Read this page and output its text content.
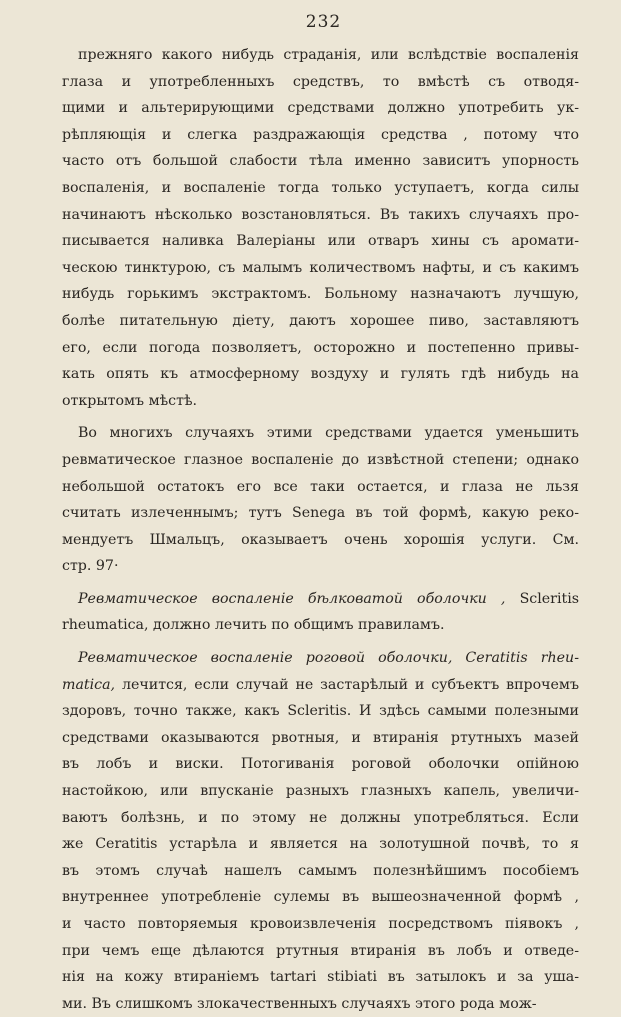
232
прежняго какого нибудь страданія, или вслѣдствіе воспаленія
глаза и употребленныхъ средствъ, то вмѣстѣ съ отводя-
щими и альтерирующими средствами должно употребить ук-
рѣпляющія и слегка раздражающія средства , потому что
часто отъ большой слабости тѣла именно зависитъ упорность
воспаленія, и воспаленіе тогда только уступаетъ, когда силы
начинаютъ нѣсколько возстановляться. Въ такихъ случаяхъ про-
писывается наливка Валеріаны или отваръ хины съ аромати-
ческою тинктурою, съ малымъ количествомъ нафты, и съ какимъ
нибудь горькимъ экстрактомъ. Больному назначаютъ лучшую,
болѣе питательную діету, даютъ хорошее пиво, заставляютъ
его, если погода позволяетъ, осторожно и постепенно привы-
кать опять къ атмосферному воздуху и гулять гдѣ нибудь на
открытомъ мѣстѣ.
Во многихъ случаяхъ этими средствами удается уменьшить
ревматическое глазное воспаленіе до извѣстной степени; однако
небольшой остатокъ его все таки остается, и глаза не льзя
считать излеченнымъ; тутъ Senega въ той формѣ, какую реко-
мендуетъ Шмальцъ, оказываетъ очень хорошія услуги. См.
стр. 97·
Ревматическое воспаленіе бѣлковатой оболочки , Scleritis
rheumatica, должно лечить по общимъ правиламъ.
Ревматическое воспаленіе роговой оболочки, Ceratitis rheu-
matica, лечится, если случай не застарѣлый и субъектъ впрочемъ
здоровъ, точно также, какъ Scleritis. И здѣсь самыми полезными
средствами оказываются рвотныя, и втиранія ртутныхъ мазей
въ лобъ и виски. Потогиванія роговой оболочки опійною
настойкою, или впусканіе разныхъ глазныхъ капель, увеличи-
ваютъ болѣзнь, и по этому не должны употребляться. Если
же Ceratitis устарѣла и является на золотушной почвѣ, то я
въ этомъ случаѣ нашелъ самымъ полезнѣйшимъ пособіемъ
внутреннее употребленіе сулемы въ вышеозначенной формѣ ,
и часто повторяемыя кровоизвлеченія посредствомъ піявокъ ,
при чемъ еще дѣлаются ртутныя втиранія въ лобъ и отведе-
нія на кожу втираніемъ tartari stibiati въ затылокъ и за уша-
ми. Въ слишкомъ злокачественныхъ случаяхъ этого рода мож-
